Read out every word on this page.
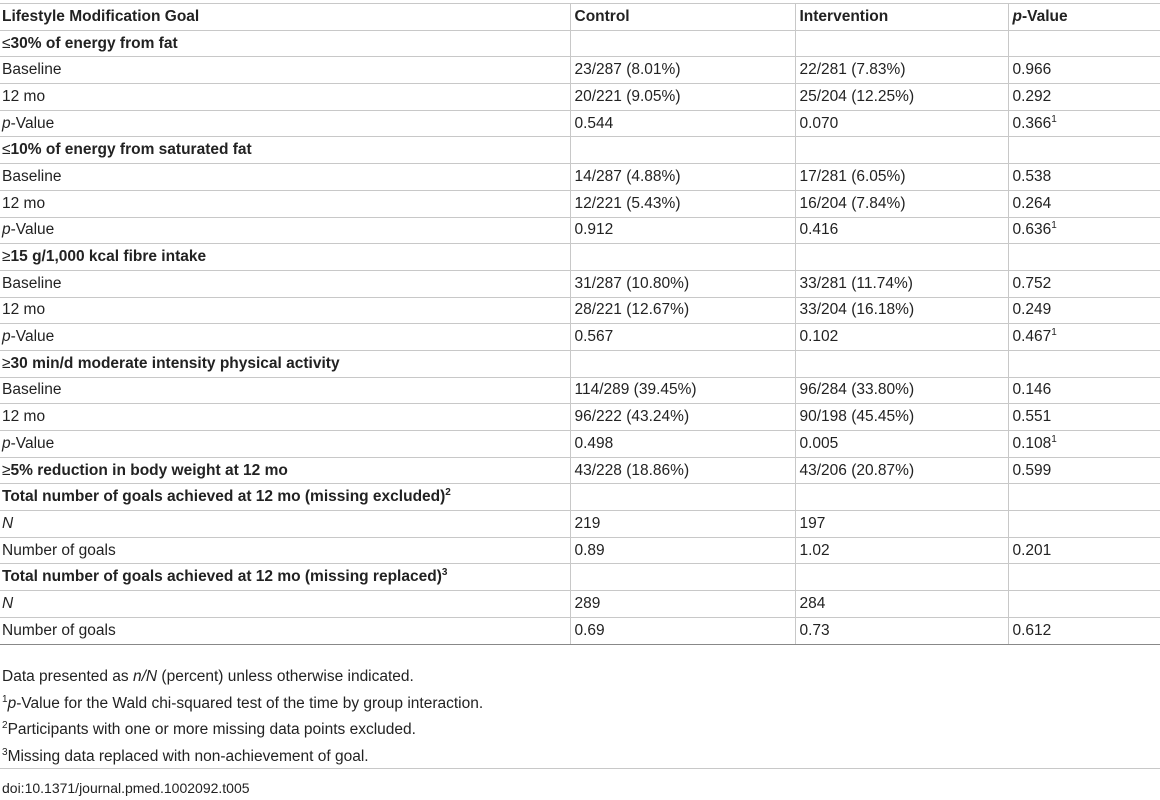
Lifestyle Modification Goal	Control	Intervention	p-Value
≤30% of energy from fat			
Baseline	23/287 (8.01%)	22/281 (7.83%)	0.966
12 mo	20/221 (9.05%)	25/204 (12.25%)	0.292
p-Value	0.544	0.070	$0.366^1$
≤10% of energy from saturated fat			
Baseline	14/287 (4.88%)	17/281 (6.05%)	0.538
12 mo	12/221 (5.43%)	16/204 (7.84%)	0.264
p-Value	0.912	0.416	$0.636^1$
≥15 g/1,000 kcal fibre intake			
Baseline	31/287 (10.80%)	33/281 (11.74%)	0.752
12 mo	28/221 (12.67%)	33/204 (16.18%)	0.249
p-Value	0.567	0.102	$0.467^1$
≥30 min/d moderate intensity physical activity			
Baseline	114/289 (39.45%)	96/284 (33.80%)	0.146
12 mo	96/222 (43.24%)	90/198 (45.45%)	0.551
p-Value	0.498	0.005	$0.108^1$
≥5% reduction in body weight at 12 mo	43/228 (18.86%)	43/206 (20.87%)	0.599
Total number of goals achieved at 12 mo (missing excluded)$^2$			
N	219	197	
Number of goals	0.89	1.02	0.201
Total number of goals achieved at 12 mo (missing replaced)$^3$			
N	289	284	
Number of goals	0.69	0.73	0.612
Data presented as n/N (percent) unless otherwise indicated.
$^1$p-Value for the Wald chi-squared test of the time by group interaction.
$^2$Participants with one or more missing data points excluded.
$^3$Missing data replaced with non-achievement of goal.
doi:10.1371/journal.pmed.1002092.t005
